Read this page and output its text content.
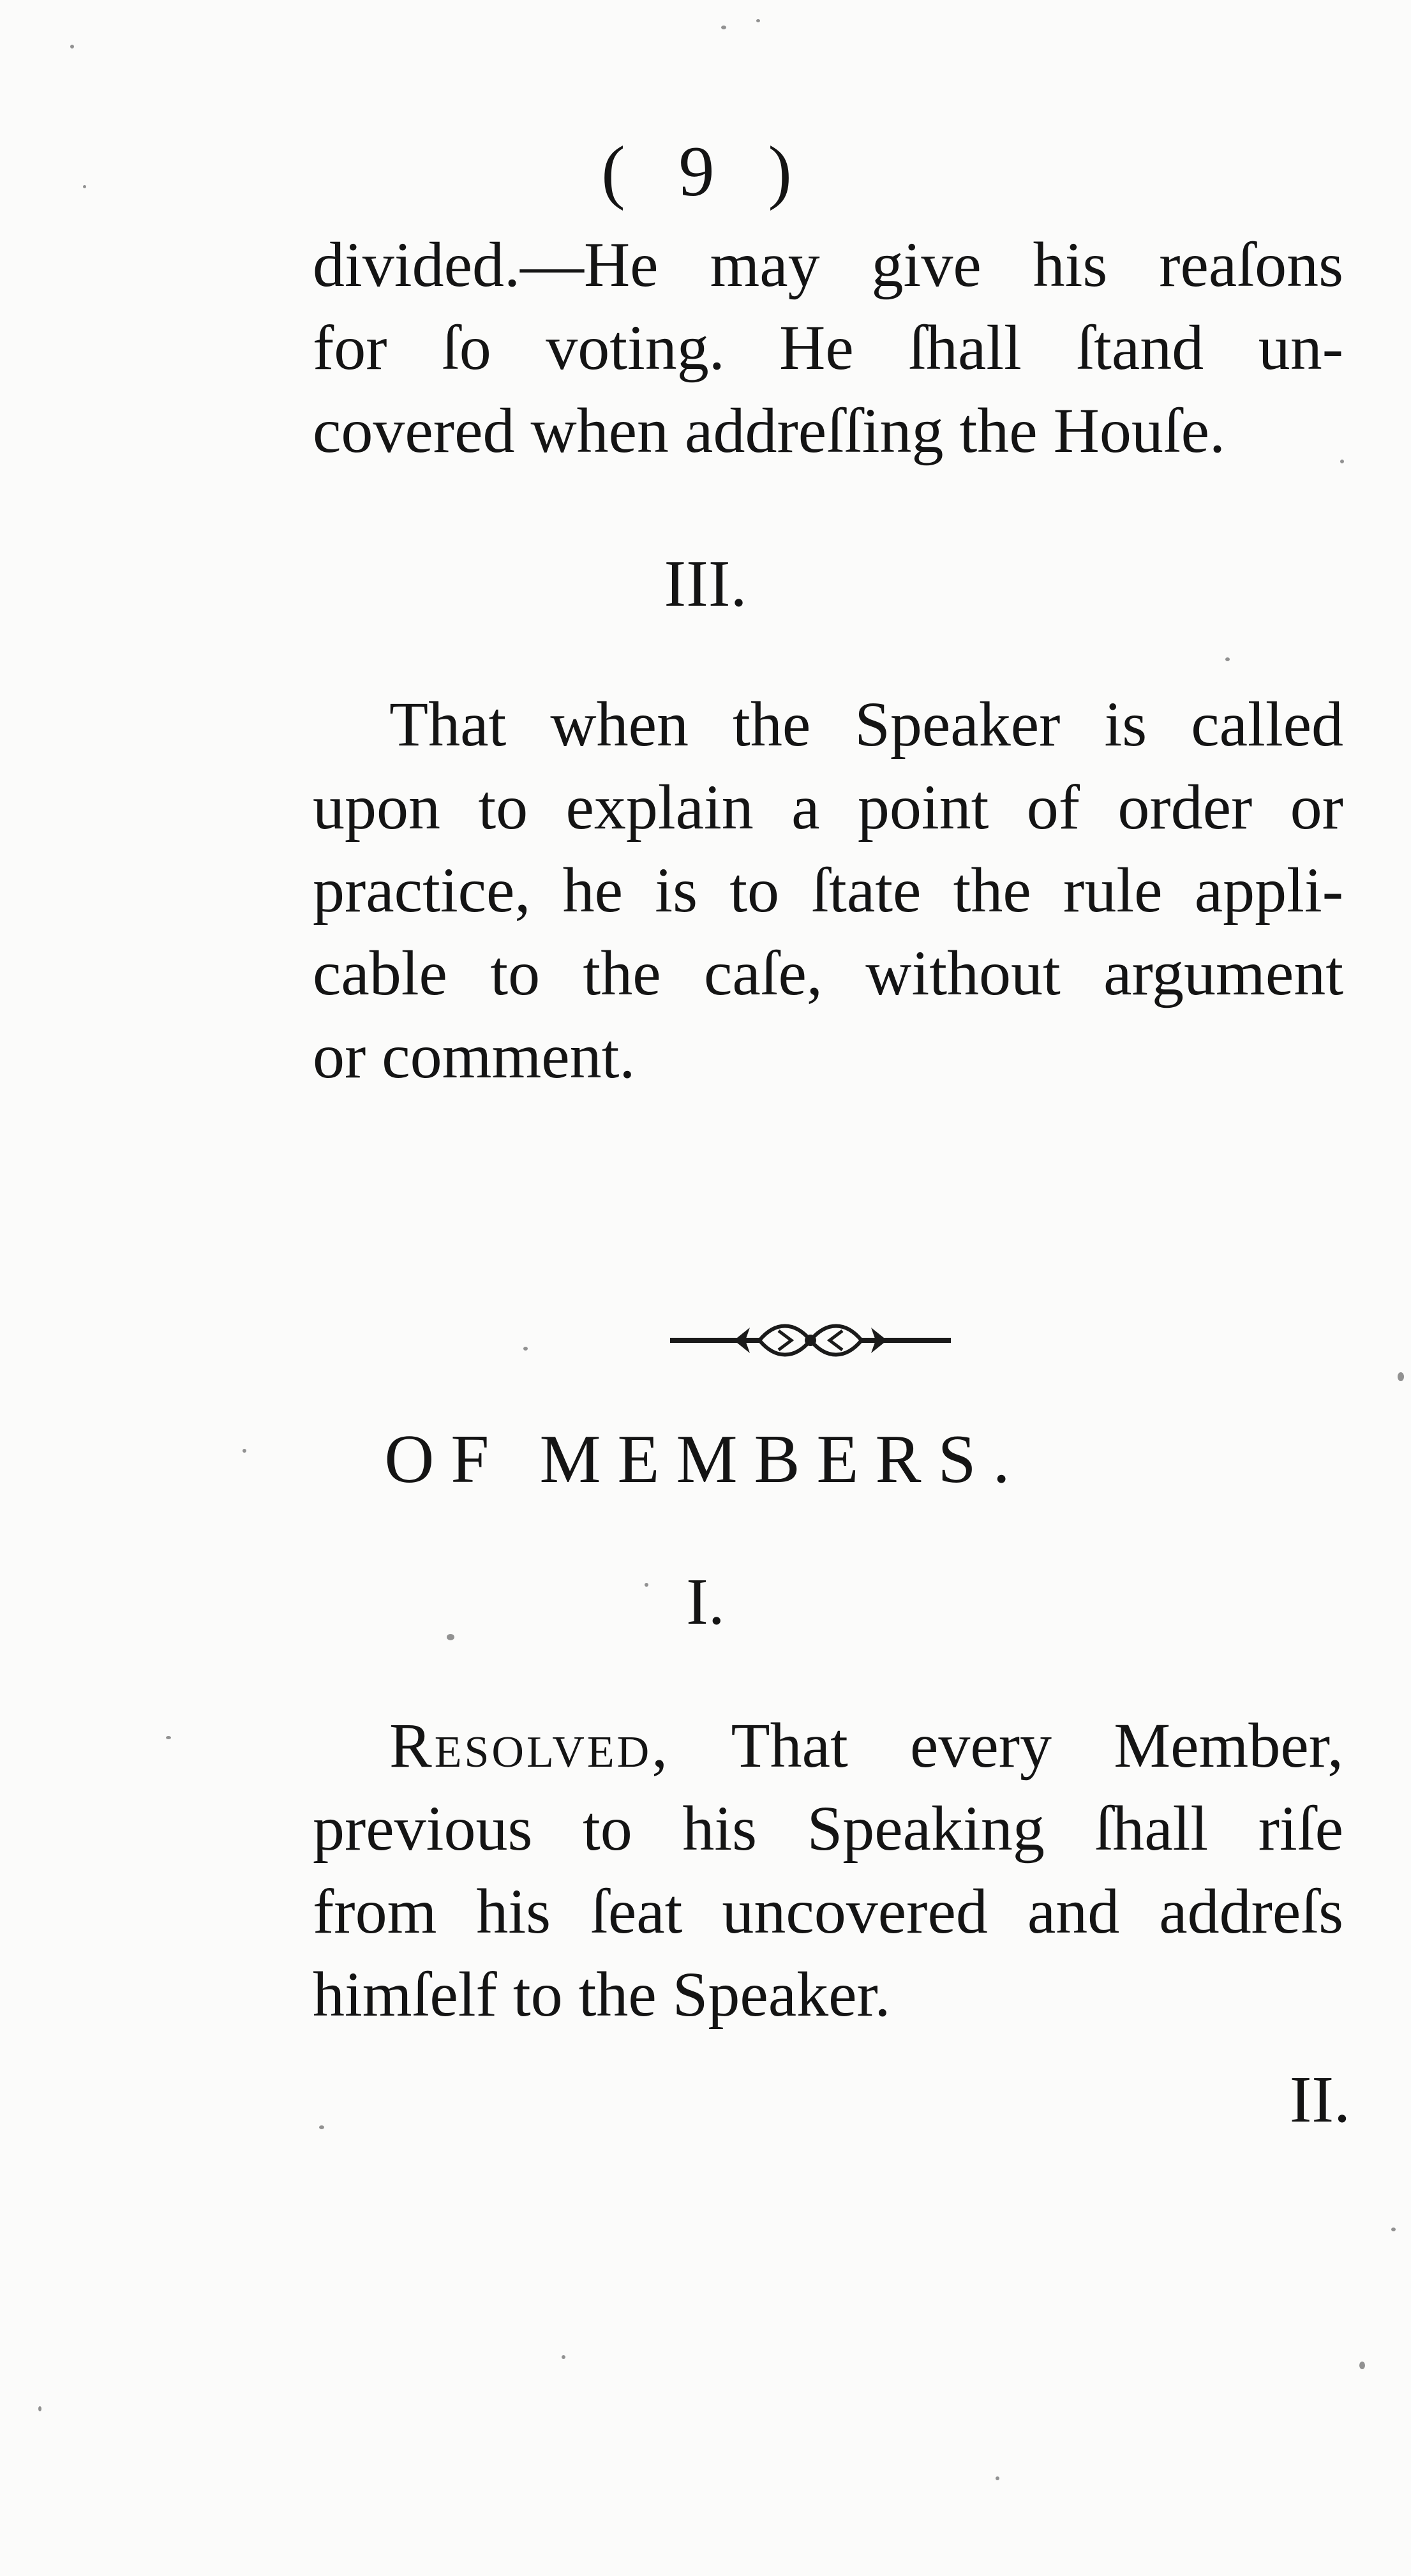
( 9 )
divided.—He may give his reaſons
for ſo voting. He ſhall ſtand un-
covered when addreſſing the Houſe.
III.
That when the Speaker is called
upon to explain a point of order or
practice, he is to ſtate the rule appli-
cable to the caſe, without argument
or comment.
OF MEMBERS.
I.
Resolved, That every Member,
previous to his Speaking ſhall riſe
from his ſeat uncovered and addreſs
himſelf to the Speaker.
II.
